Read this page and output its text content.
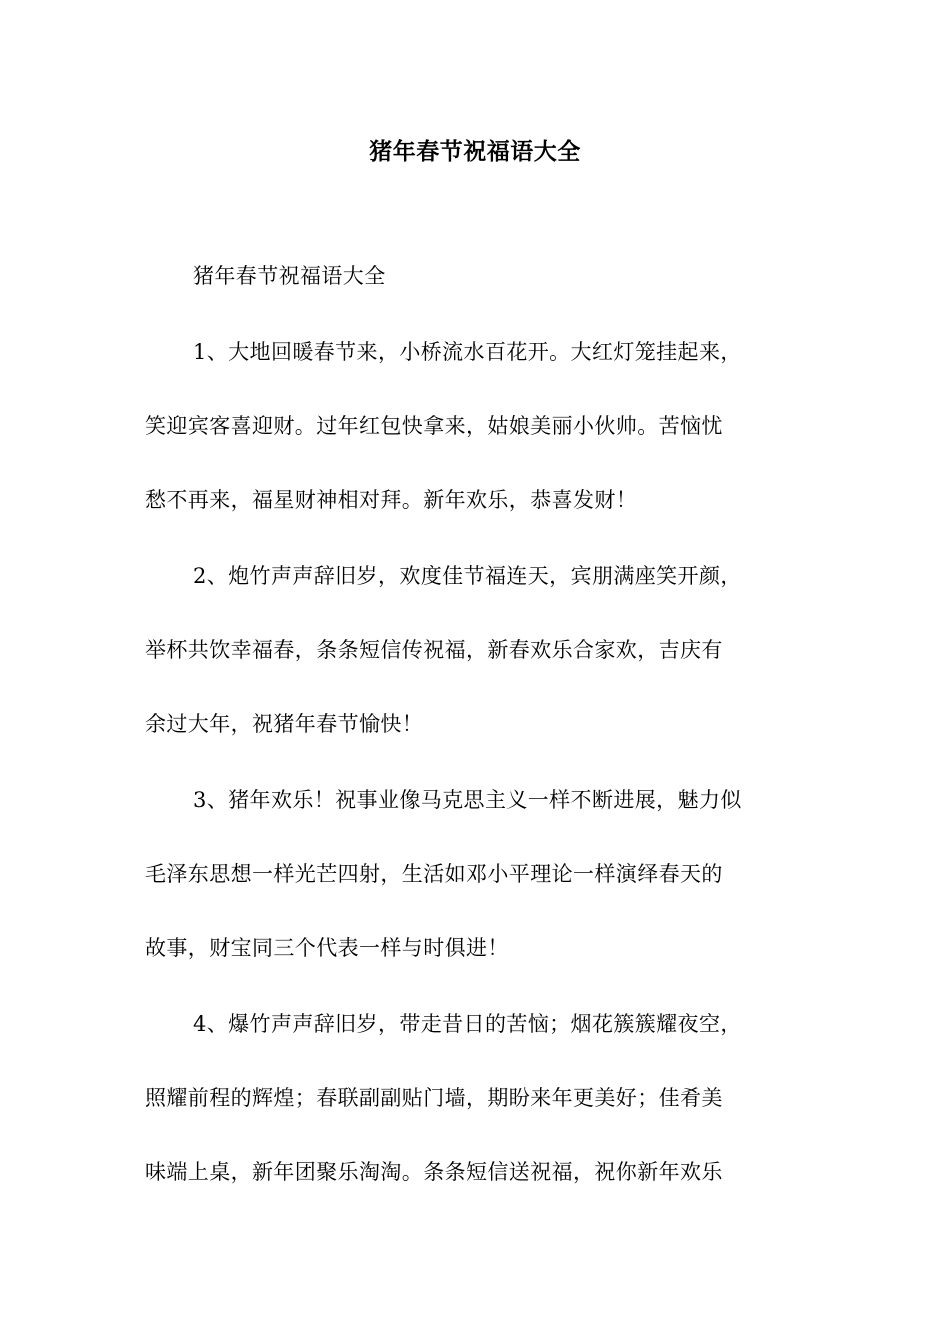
猪年春节祝福语大全
猪年春节祝福语大全
1、大地回暖春节来，小桥流水百花开。大红灯笼挂起来，
笑迎宾客喜迎财。过年红包快拿来，姑娘美丽小伙帅。苦恼忧
愁不再来，福星财神相对拜。新年欢乐，恭喜发财！
2、炮竹声声辞旧岁，欢度佳节福连天，宾朋满座笑开颜，
举杯共饮幸福春，条条短信传祝福，新春欢乐合家欢，吉庆有
余过大年，祝猪年春节愉快！
3、猪年欢乐！祝事业像马克思主义一样不断进展，魅力似
毛泽东思想一样光芒四射，生活如邓小平理论一样演绎春天的
故事，财宝同三个代表一样与时俱进！
4、爆竹声声辞旧岁，带走昔日的苦恼；烟花簇簇耀夜空，
照耀前程的辉煌；春联副副贴门墙，期盼来年更美好；佳肴美
味端上桌，新年团聚乐淘淘。条条短信送祝福，祝你新年欢乐
